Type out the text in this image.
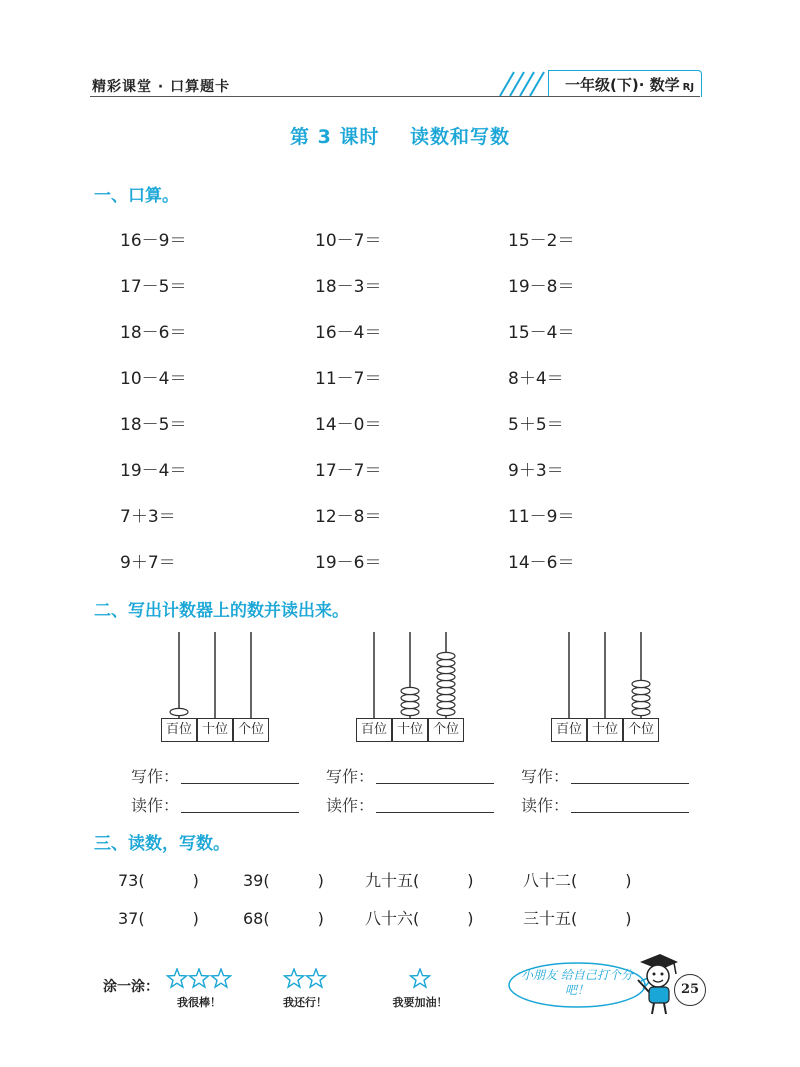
精彩课堂 · 口算题卡	一年级(下)· 数学 RJ
第 3 课时    读数和写数
一、口算。
16－9＝	10－7＝	15－2＝
17－5＝	18－3＝	19－8＝
18－6＝	16－4＝	15－4＝
10－4＝	11－7＝	8＋4＝
18－5＝	14－0＝	5＋5＝
19－4＝	17－7＝	9＋3＝
7＋3＝	12－8＝	11－9＝
9＋7＝	19－6＝	14－6＝
二、写出计数器上的数并读出来。
百位 十位 个位
写作：
读作：
百位 十位 个位
写作：
读作：
百位 十位 个位
写作：
读作：
三、读数，写数。
73(　　　)	39(　　　)	九十五(　　　)	八十二(　　　)
37(　　　)	68(　　　)	八十六(　　　)	三十五(　　　)
涂一涂：
我很棒！	我还行！	我要加油！
小朋友 给自己打个分吧！	25
